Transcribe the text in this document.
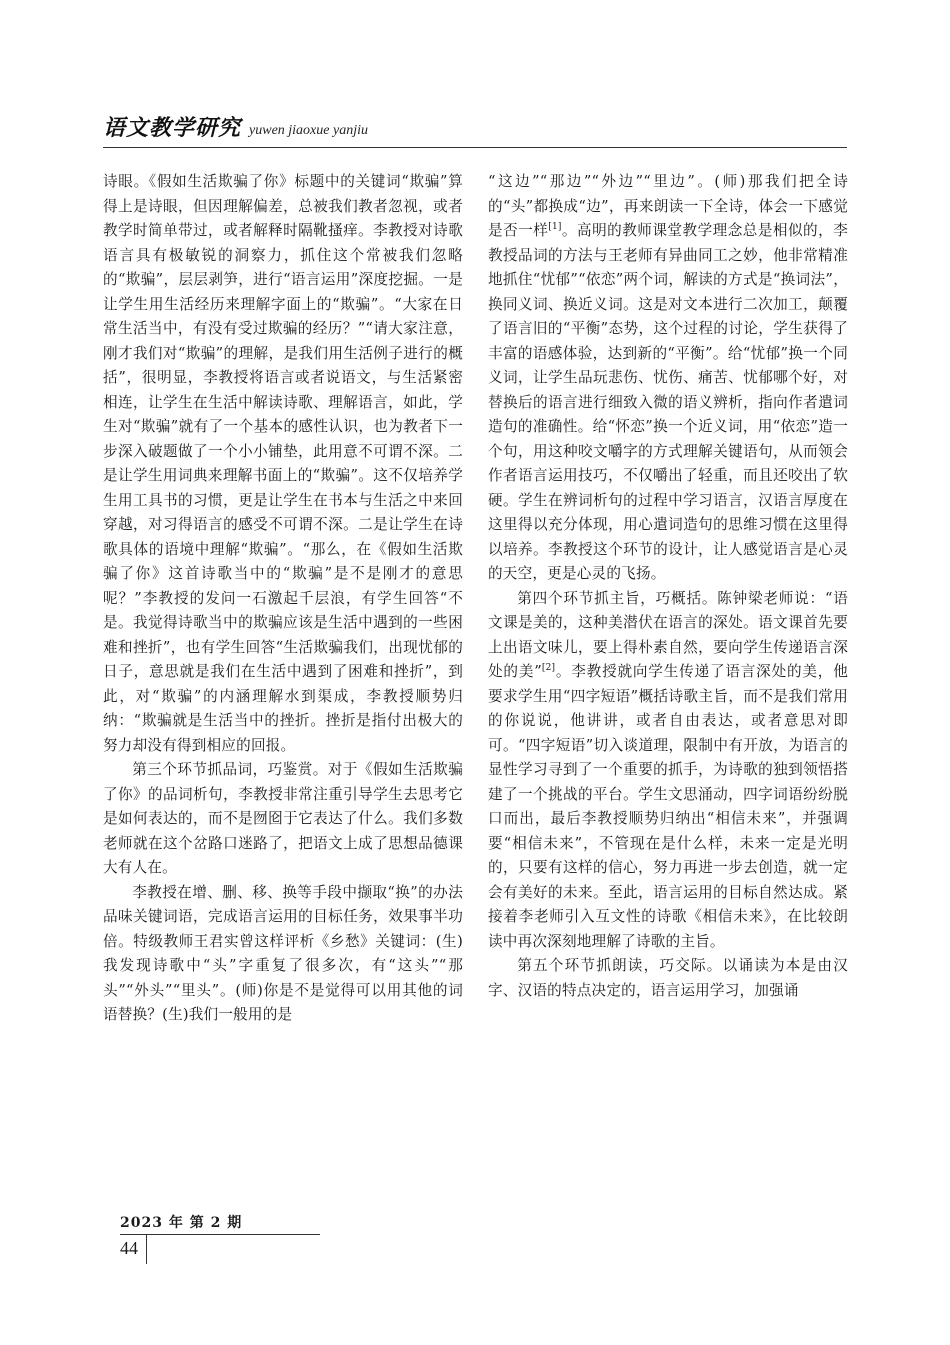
语文教学研究 yuwen jiaoxue yanjiu

诗眼。《假如生活欺骗了你》标题中的关键词“欺骗”算得上是诗眼，但因理解偏差，总被我们教者忽视，或者教学时简单带过，或者解释时隔靴搔痒。李教授对诗歌语言具有极敏锐的洞察力，抓住这个常被我们忽略的“欺骗”，层层剥笋，进行“语言运用”深度挖掘。一是让学生用生活经历来理解字面上的“欺骗”。“大家在日常生活当中，有没有受过欺骗的经历？”“请大家注意，刚才我们对“欺骗”的理解，是我们用生活例子进行的概括”，很明显，李教授将语言或者说语文，与生活紧密相连，让学生在生活中解读诗歌、理解语言，如此，学生对“欺骗”就有了一个基本的感性认识，也为教者下一步深入破题做了一个小小铺垫，此用意不可谓不深。二是让学生用词典来理解书面上的“欺骗”。这不仅培养学生用工具书的习惯，更是让学生在书本与生活之中来回穿越，对习得语言的感受不可谓不深。二是让学生在诗歌具体的语境中理解“欺骗”。“那么，在《假如生活欺骗了你》这首诗歌当中的“欺骗”是不是刚才的意思呢？”李教授的发问一石激起千层浪，有学生回答“不是。我觉得诗歌当中的欺骗应该是生活中遇到的一些困难和挫折”，也有学生回答“生活欺骗我们，出现忧郁的日子，意思就是我们在生活中遇到了困难和挫折”，到此，对“欺骗”的内涵理解水到渠成，李教授顺势归纳：“欺骗就是生活当中的挫折。挫折是指付出极大的努力却没有得到相应的回报。

第三个环节抓品词，巧鉴赏。对于《假如生活欺骗了你》的品词析句，李教授非常注重引导学生去思考它是如何表达的，而不是囫囵于它表达了什么。我们多数老师就在这个岔路口迷路了，把语文上成了思想品德课大有人在。

李教授在增、删、移、换等手段中撷取“换”的办法品味关键词语，完成语言运用的目标任务，效果事半功倍。特级教师王君实曾这样评析《乡愁》关键词：(生)我发现诗歌中“头”字重复了很多次，有“这头”“那头”“外头”“里头”。(师)你是不是觉得可以用其他的词语替换？(生)我们一般用的是

“这边”“那边”“外边”“里边”。(师)那我们把全诗的“头”都换成“边”，再来朗读一下全诗，体会一下感觉是否一样[1]。高明的教师课堂教学理念总是相似的，李教授品词的方法与王老师有异曲同工之妙，他非常精准地抓住“忧郁”“依恋”两个词，解读的方式是“换词法”，换同义词、换近义词。这是对文本进行二次加工，颠覆了语言旧的“平衡”态势，这个过程的讨论，学生获得了丰富的语感体验，达到新的“平衡”。给“忧郁”换一个同义词，让学生品玩悲伤、忧伤、痛苦、忧郁哪个好，对替换后的语言进行细致入微的语义辨析，指向作者遣词造句的准确性。给“怀恋”换一个近义词，用“依恋”造一个句，用这种咬文嚼字的方式理解关键语句，从而领会作者语言运用技巧，不仅嚼出了轻重，而且还咬出了软硬。学生在辨词析句的过程中学习语言，汉语言厚度在这里得以充分体现，用心遣词造句的思维习惯在这里得以培养。李教授这个环节的设计，让人感觉语言是心灵的天空，更是心灵的飞扬。

第四个环节抓主旨，巧概括。陈钟梁老师说：“语文课是美的，这种美潜伏在语言的深处。语文课首先要上出语文味儿，要上得朴素自然，要向学生传递语言深处的美”[2]。李教授就向学生传递了语言深处的美，他要求学生用“四字短语”概括诗歌主旨，而不是我们常用的你说说，他讲讲，或者自由表达，或者意思对即可。“四字短语”切入谈道理，限制中有开放，为语言的显性学习寻到了一个重要的抓手，为诗歌的独到领悟搭建了一个挑战的平台。学生文思涌动，四字词语纷纷脱口而出，最后李教授顺势归纳出“相信未来”，并强调要“相信未来”，不管现在是什么样，未来一定是光明的，只要有这样的信心，努力再进一步去创造，就一定会有美好的未来。至此，语言运用的目标自然达成。紧接着李老师引入互文性的诗歌《相信未来》，在比较朗读中再次深刻地理解了诗歌的主旨。

第五个环节抓朗读，巧交际。以诵读为本是由汉字、汉语的特点决定的，语言运用学习，加强诵

2023 年 第 2 期
44
